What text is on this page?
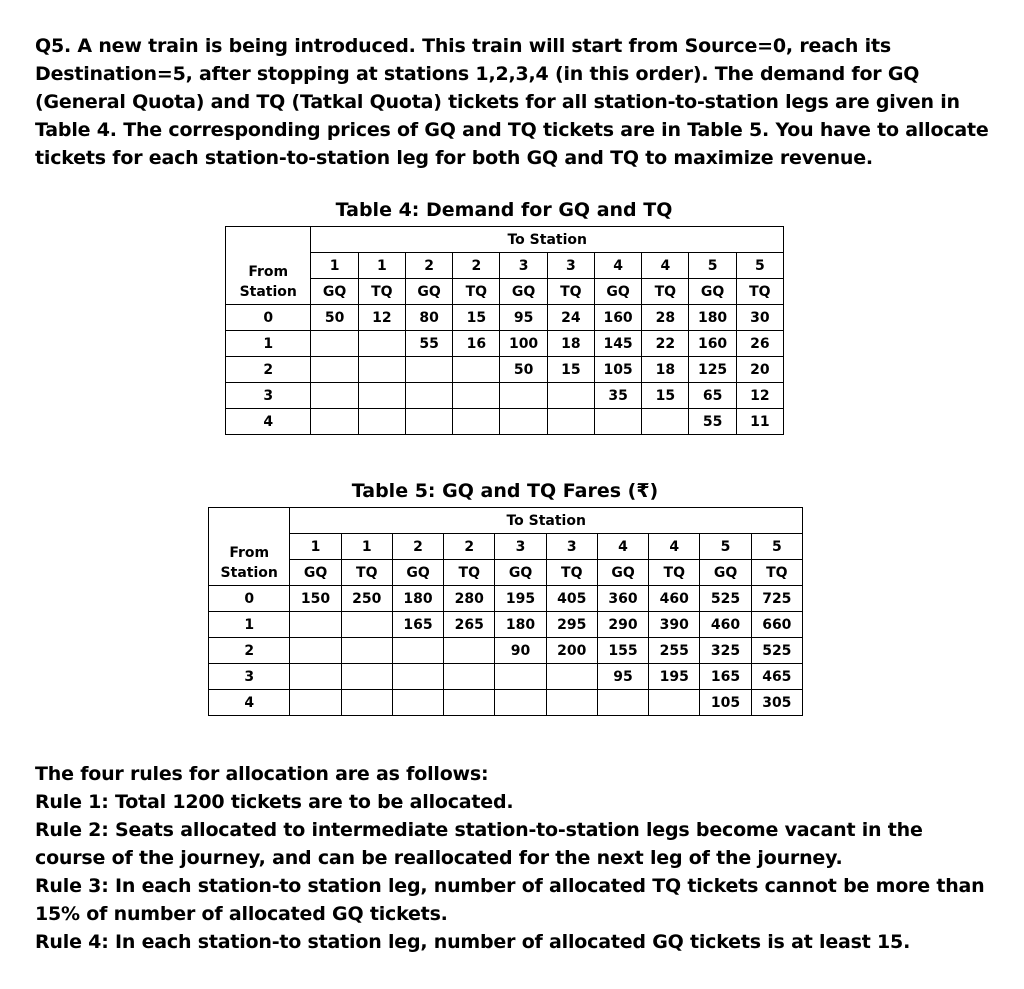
Q5. A new train is being introduced. This train will start from Source=0, reach its Destination=5, after stopping at stations 1,2,3,4 (in this order). The demand for GQ (General Quota) and TQ (Tatkal Quota) tickets for all station-to-station legs are given in Table 4. The corresponding prices of GQ and TQ tickets are in Table 5. You have to allocate tickets for each station-to-station leg for both GQ and TQ to maximize revenue.
Table 4: Demand for GQ and TQ
From
Station	To Station									
	1	1	2	2	3	3	4	4	5	5
	GQ	TQ	GQ	TQ	GQ	TQ	GQ	TQ	GQ	TQ
0	50	12	80	15	95	24	160	28	180	30
1			55	16	100	18	145	22	160	26
2					50	15	105	18	125	20
3							35	15	65	12
4									55	11
Table 5: GQ and TQ Fares (₹)
From
Station	To Station									
	1	1	2	2	3	3	4	4	5	5
	GQ	TQ	GQ	TQ	GQ	TQ	GQ	TQ	GQ	TQ
0	150	250	180	280	195	405	360	460	525	725
1			165	265	180	295	290	390	460	660
2					90	200	155	255	325	525
3							95	195	165	465
4									105	305

The four rules for allocation are as follows:

Rule 1: Total 1200 tickets are to be allocated.

Rule 2: Seats allocated to intermediate station-to-station legs become vacant in the course of the journey, and can be reallocated for the next leg of the journey.

Rule 3: In each station-to station leg, number of allocated TQ tickets cannot be more than 15% of number of allocated GQ tickets.

Rule 4: In each station-to station leg, number of allocated GQ tickets is at least 15.
